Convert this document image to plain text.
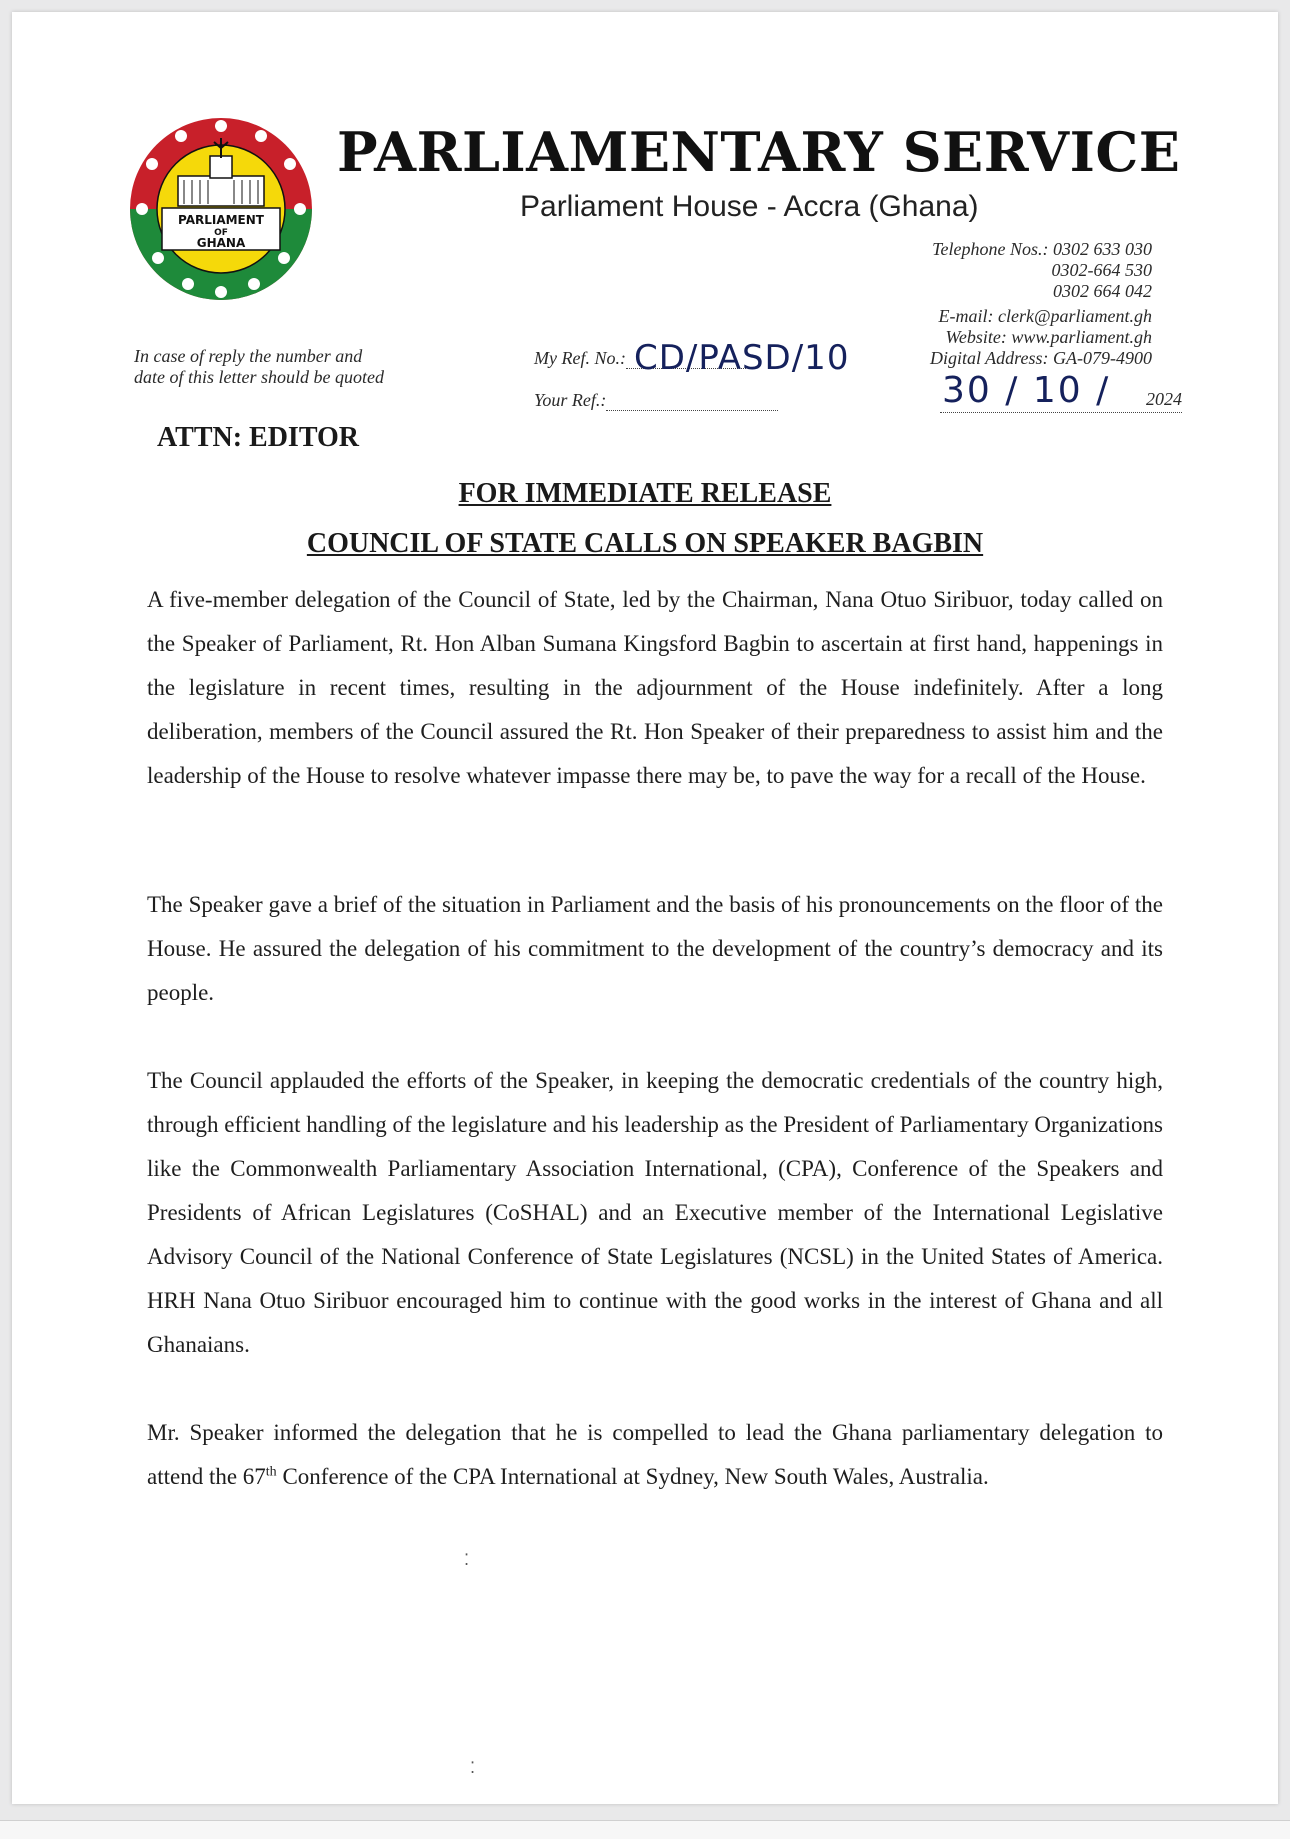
PARLIAMENT
OF
GHANA
PARLIAMENTARY SERVICE
Parliament House - Accra (Ghana)
Telephone Nos.: 0302 633 030
0302-664 530
0302 664 042
E-mail: clerk@parliament.gh
Website: www.parliament.gh
Digital Address: GA-079-4900
In case of reply the number and date of this letter should be quoted
My Ref. No.: CD/PASD/10
Your Ref.:	30 / 10 / 2024
ATTN: EDITOR
FOR IMMEDIATE RELEASE
COUNCIL OF STATE CALLS ON SPEAKER BAGBIN
A five-member delegation of the Council of State, led by the Chairman, Nana Otuo Siribuor, today called on the Speaker of Parliament, Rt. Hon Alban Sumana Kingsford Bagbin to ascertain at first hand, happenings in the legislature in recent times, resulting in the adjournment of the House indefinitely. After a long deliberation, members of the Council assured the Rt. Hon Speaker of their preparedness to assist him and the leadership of the House to resolve whatever impasse there may be, to pave the way for a recall of the House.
The Speaker gave a brief of the situation in Parliament and the basis of his pronouncements on the floor of the House. He assured the delegation of his commitment to the development of the country’s democracy and its people.
The Council applauded the efforts of the Speaker, in keeping the democratic credentials of the country high, through efficient handling of the legislature and his leadership as the President of Parliamentary Organizations like the Commonwealth Parliamentary Association International, (CPA), Conference of the Speakers and Presidents of African Legislatures (CoSHAL) and an Executive member of the International Legislative Advisory Council of the National Conference of State Legislatures (NCSL) in the United States of America. HRH Nana Otuo Siribuor encouraged him to continue with the good works in the interest of Ghana and all Ghanaians.
Mr. Speaker informed the delegation that he is compelled to lead the Ghana parliamentary delegation to attend the 67th Conference of the CPA International at Sydney, New South Wales, Australia.
⁚
⁚
